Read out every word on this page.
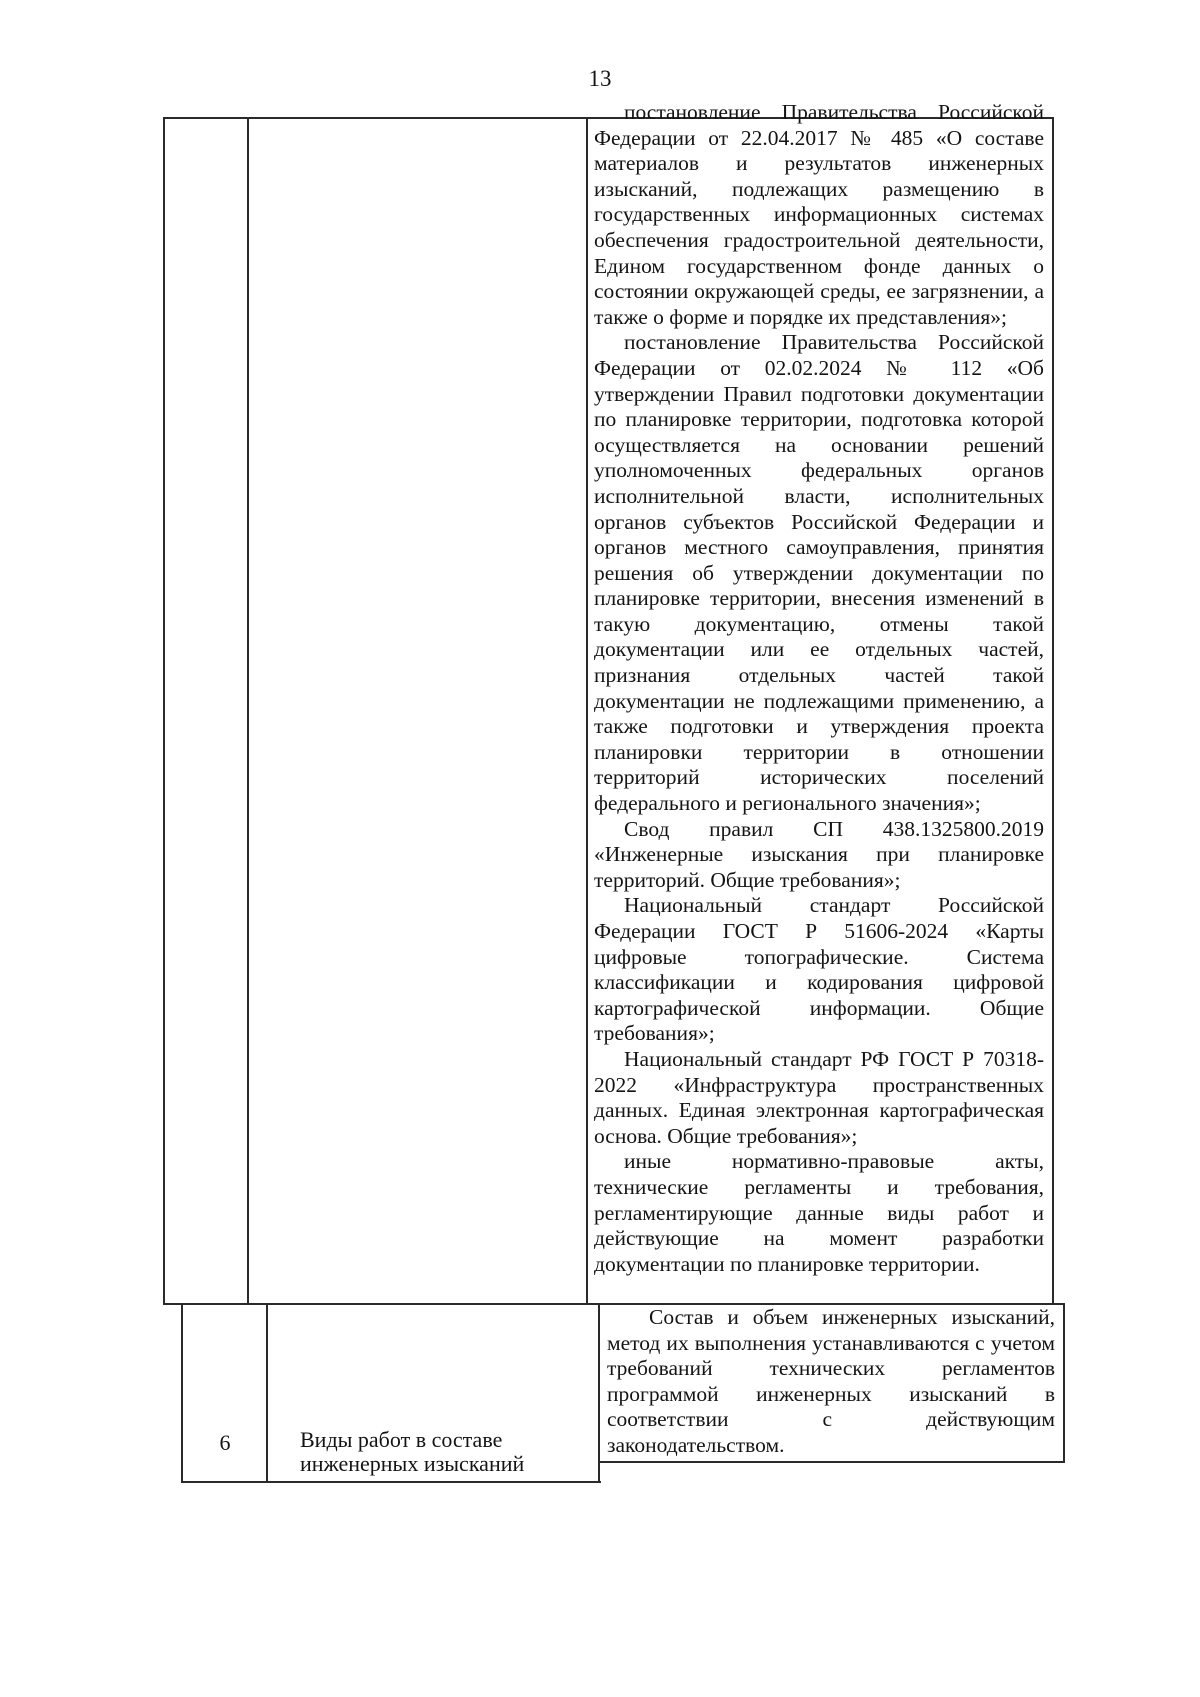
13

постановление Правительства Российской Федерации от 22.04.2017 № 485 «О составе материалов и результатов инженерных изысканий, подлежащих размещению в государственных информационных системах обеспечения градостроительной деятельности, Едином государственном фонде данных о состоянии окружающей среды, ее загрязнении, а также о форме и порядке их представления»;

постановление Правительства Российской Федерации от 02.02.2024 № 112 «Об утверждении Правил подготовки документации по планировке территории, подготовка которой осуществляется на основании решений уполномоченных федеральных органов исполнительной власти, исполнительных органов субъектов Российской Федерации и органов местного самоуправления, принятия решения об утверждении документации по планировке территории, внесения изменений в такую документацию, отмены такой документации или ее отдельных частей, признания отдельных частей такой документации не подлежащими применению, а также подготовки и утверждения проекта планировки территории в отношении территорий исторических поселений федерального и регионального значения»;

Свод правил СП 438.1325800.2019 «Инженерные изыскания при планировке территорий. Общие требования»;

Национальный стандарт Российской Федерации ГОСТ Р 51606-2024 «Карты цифровые топографические. Система классификации и кодирования цифровой картографической информации. Общие требования»;

Национальный стандарт РФ ГОСТ Р 70318-2022 «Инфраструктура пространственных данных. Единая электронная картографическая основа. Общие требования»;

иные нормативно-правовые акты, технические регламенты и требования, регламентирующие данные виды работ и действующие на момент разработки документации по планировке территории.

6	Виды работ в составе инженерных изысканий

Состав и объем инженерных изысканий, метод их выполнения устанавливаются с учетом требований технических регламентов программой инженерных изысканий в соответствии с действующим законодательством.
